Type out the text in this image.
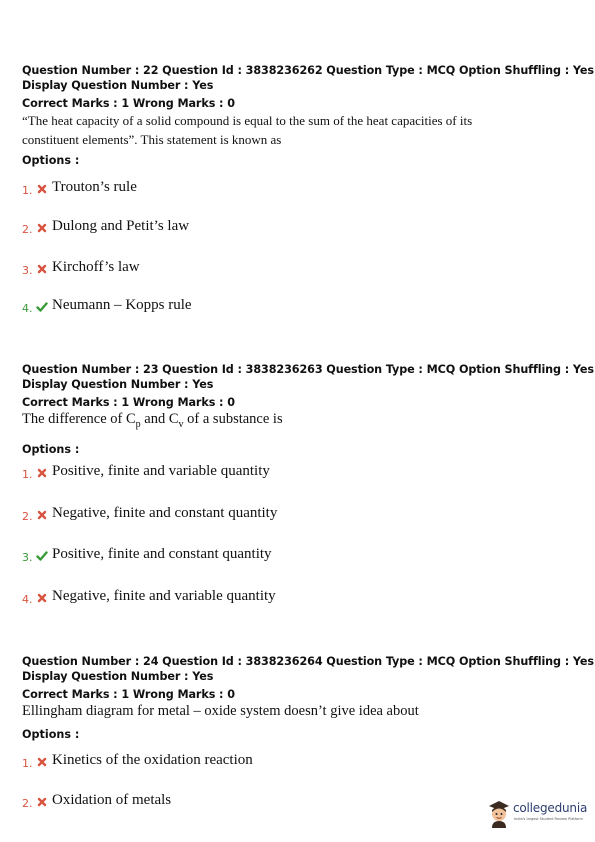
Question Number : 22 Question Id : 3838236262 Question Type : MCQ Option Shuffling : Yes
Display Question Number : Yes
Correct Marks : 1 Wrong Marks : 0
“The heat capacity of a solid compound is equal to the sum of the heat capacities of its
constituent elements”. This statement is known as
Options :
1. Trouton’s rule
2. Dulong and Petit’s law
3. Kirchoff’s law
4. Neumann – Kopps rule
Question Number : 23 Question Id : 3838236263 Question Type : MCQ Option Shuffling : Yes
Display Question Number : Yes
Correct Marks : 1 Wrong Marks : 0
The difference of $C_p$ and $C_v$ of a substance is
Options :
1. Positive, finite and variable quantity
2. Negative, finite and constant quantity
3. Positive, finite and constant quantity
4. Negative, finite and variable quantity
Question Number : 24 Question Id : 3838236264 Question Type : MCQ Option Shuffling : Yes
Display Question Number : Yes
Correct Marks : 1 Wrong Marks : 0
Ellingham diagram for metal – oxide system doesn’t give idea about
Options :
1. Kinetics of the oxidation reaction
2. Oxidation of metals	collegedunia
India's largest Student Review Platform
